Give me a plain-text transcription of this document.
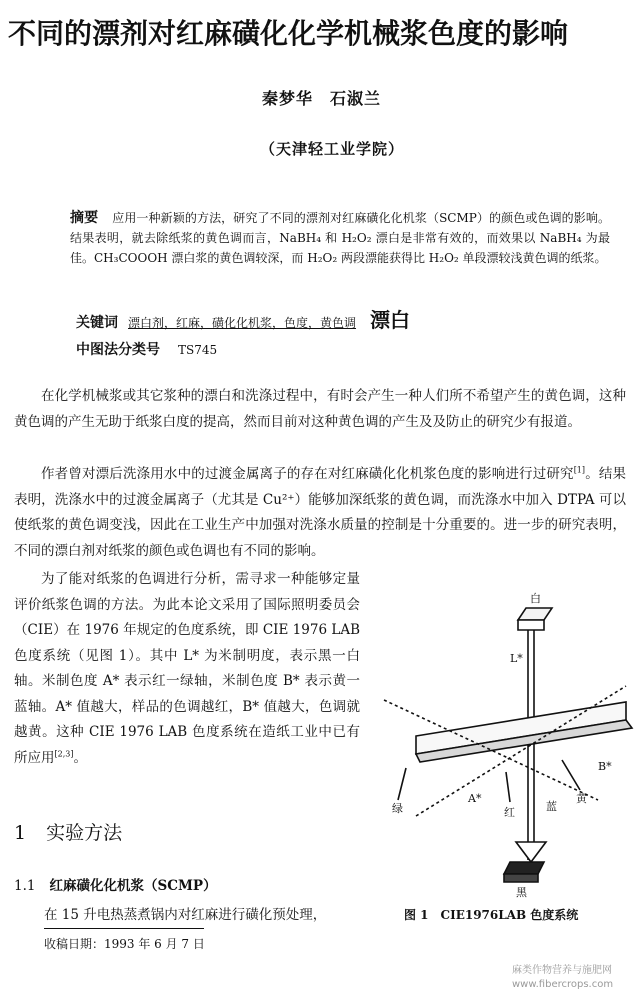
不同的漂剂对红麻磺化化学机械浆色度的影响
秦梦华　石淑兰
（天津轻工业学院）
摘要 应用一种新颖的方法，研究了不同的漂剂对红麻磺化化机浆（SCMP）的颜色或色调的影响。结果表明，就去除纸浆的黄色调而言，NaBH₄ 和 H₂O₂ 漂白是非常有效的，而效果以 NaBH₄ 为最佳。CH₃COOOH 漂白浆的黄色调较深，而 H₂O₂ 两段漂能获得比 H₂O₂ 单段漂较浅黄色调的纸浆。
关键词 漂白剂，红麻，磺化化机浆，色度，黄色调 漂白
中图法分类号 TS745
在化学机械浆或其它浆种的漂白和洗涤过程中，有时会产生一种人们所不希望产生的黄色调，这种黄色调的产生无助于纸浆白度的提高，然而目前对这种黄色调的产生及及防止的研究少有报道。
作者曾对漂后洗涤用水中的过渡金属离子的存在对红麻磺化化机浆色度的影响进行过研究[1]。结果表明，洗涤水中的过渡金属离子（尤其是 Cu²⁺）能够加深纸浆的黄色调，而洗涤水中加入 DTPA 可以使纸浆的黄色调变浅，因此在工业生产中加强对洗涤水质量的控制是十分重要的。进一步的研究表明，不同的漂白剂对纸浆的颜色或色调也有不同的影响。
为了能对纸浆的色调进行分析，需寻求一种能够定量评价纸浆色调的方法。为此本论文采用了国际照明委员会（CIE）在 1976 年规定的色度系统，即 CIE 1976 LAB 色度系统（见图 1）。其中 L* 为米制明度，表示黑一白轴。米制色度 A* 表示红一绿轴，米制色度 B* 表示黄一蓝轴。A* 值越大，样品的色调越红，B* 值越大，色调就越黄。这种 CIE 1976 LAB 色度系统在造纸工业中已有所应用[2,3]。
1 实验方法
1.1 红麻磺化化机浆（SCMP）
在 15 升电热蒸煮锅内对红麻进行磺化预处理，
收稿日期：1993 年 6 月 7 日
白
L*
B*
A*
绿	红	蓝
黄
黑
图 1 CIE1976LAB 色度系统
麻类作物营养与施肥网
www.fibercrops.com
